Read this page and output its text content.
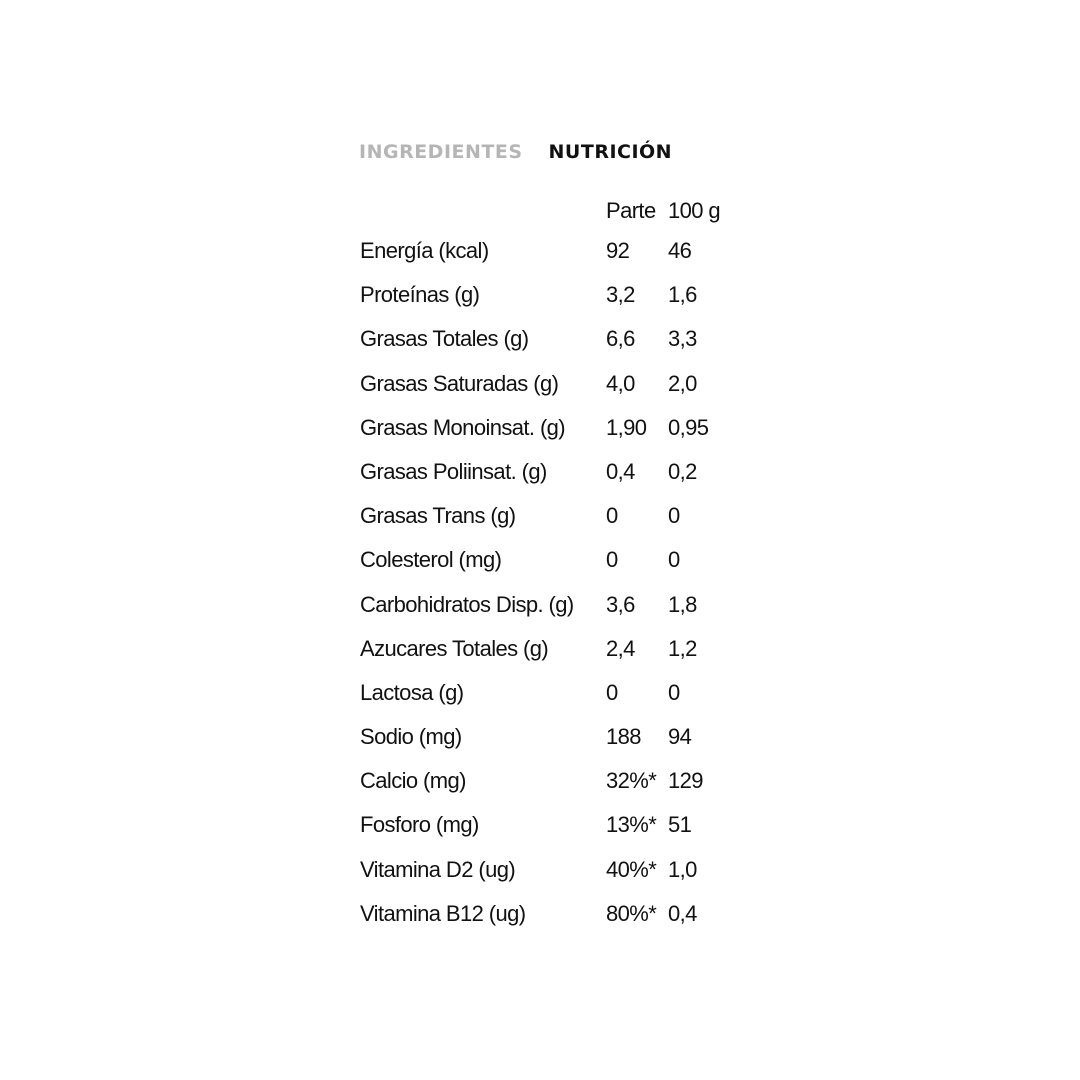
INGREDIENTES NUTRICIÓN
Parte 100 g
Energía (kcal)	92 46
Proteínas (g)	3,2 1,6
Grasas Totales (g)	6,6 3,3
Grasas Saturadas (g) 4,0 2,0
Grasas Monoinsat. (g) 1,90 0,95
Grasas Poliinsat. (g)	0,4 0,2
Grasas Trans (g)	0 0
Colesterol (mg)	0 0
Carbohidratos Disp. (g) 3,6 1,8
Azucares Totales (g)	2,4 1,2
Lactosa (g)	0 0
Sodio (mg)	188 94
Calcio (mg)	32%* 129
Fosforo (mg)	13%* 51
Vitamina D2 (ug)	40%* 1,0
Vitamina B12 (ug)	80%* 0,4
